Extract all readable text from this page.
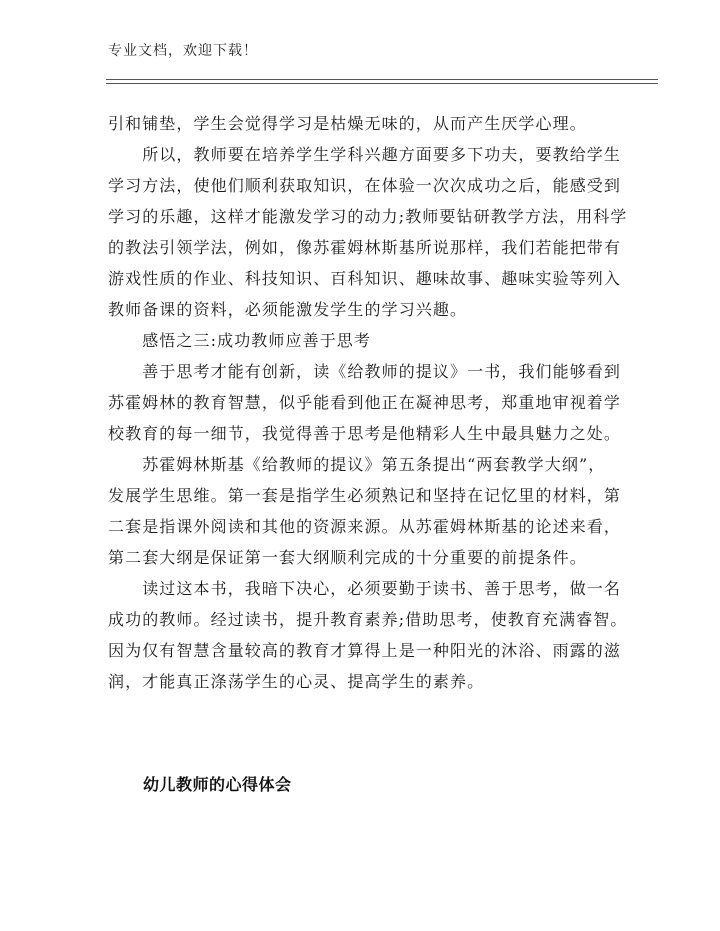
专业文档，欢迎下载！

引和铺垫，学生会觉得学习是枯燥无味的，从而产生厌学心理。

　　所以，教师要在培养学生学科兴趣方面要多下功夫，要教给学生
学习方法，使他们顺利获取知识，在体验一次次成功之后，能感受到
学习的乐趣，这样才能激发学习的动力;教师要钻研教学方法，用科学
的教法引领学法，例如，像苏霍姆林斯基所说那样，我们若能把带有
游戏性质的作业、科技知识、百科知识、趣味故事、趣味实验等列入
教师备课的资料，必须能激发学生的学习兴趣。

　　感悟之三:成功教师应善于思考

　　善于思考才能有创新，读《给教师的提议》一书，我们能够看到
苏霍姆林的教育智慧，似乎能看到他正在凝神思考，郑重地审视着学
校教育的每一细节，我觉得善于思考是他精彩人生中最具魅力之处。

　　苏霍姆林斯基《给教师的提议》第五条提出“两套教学大纲”，
发展学生思维。第一套是指学生必须熟记和坚持在记忆里的材料，第
二套是指课外阅读和其他的资源来源。从苏霍姆林斯基的论述来看，
第二套大纲是保证第一套大纲顺利完成的十分重要的前提条件。

　　读过这本书，我暗下决心，必须要勤于读书、善于思考，做一名
成功的教师。经过读书，提升教育素养;借助思考，使教育充满睿智。
因为仅有智慧含量较高的教育才算得上是一种阳光的沐浴、雨露的滋
润，才能真正涤荡学生的心灵、提高学生的素养。

幼儿教师的心得体会
